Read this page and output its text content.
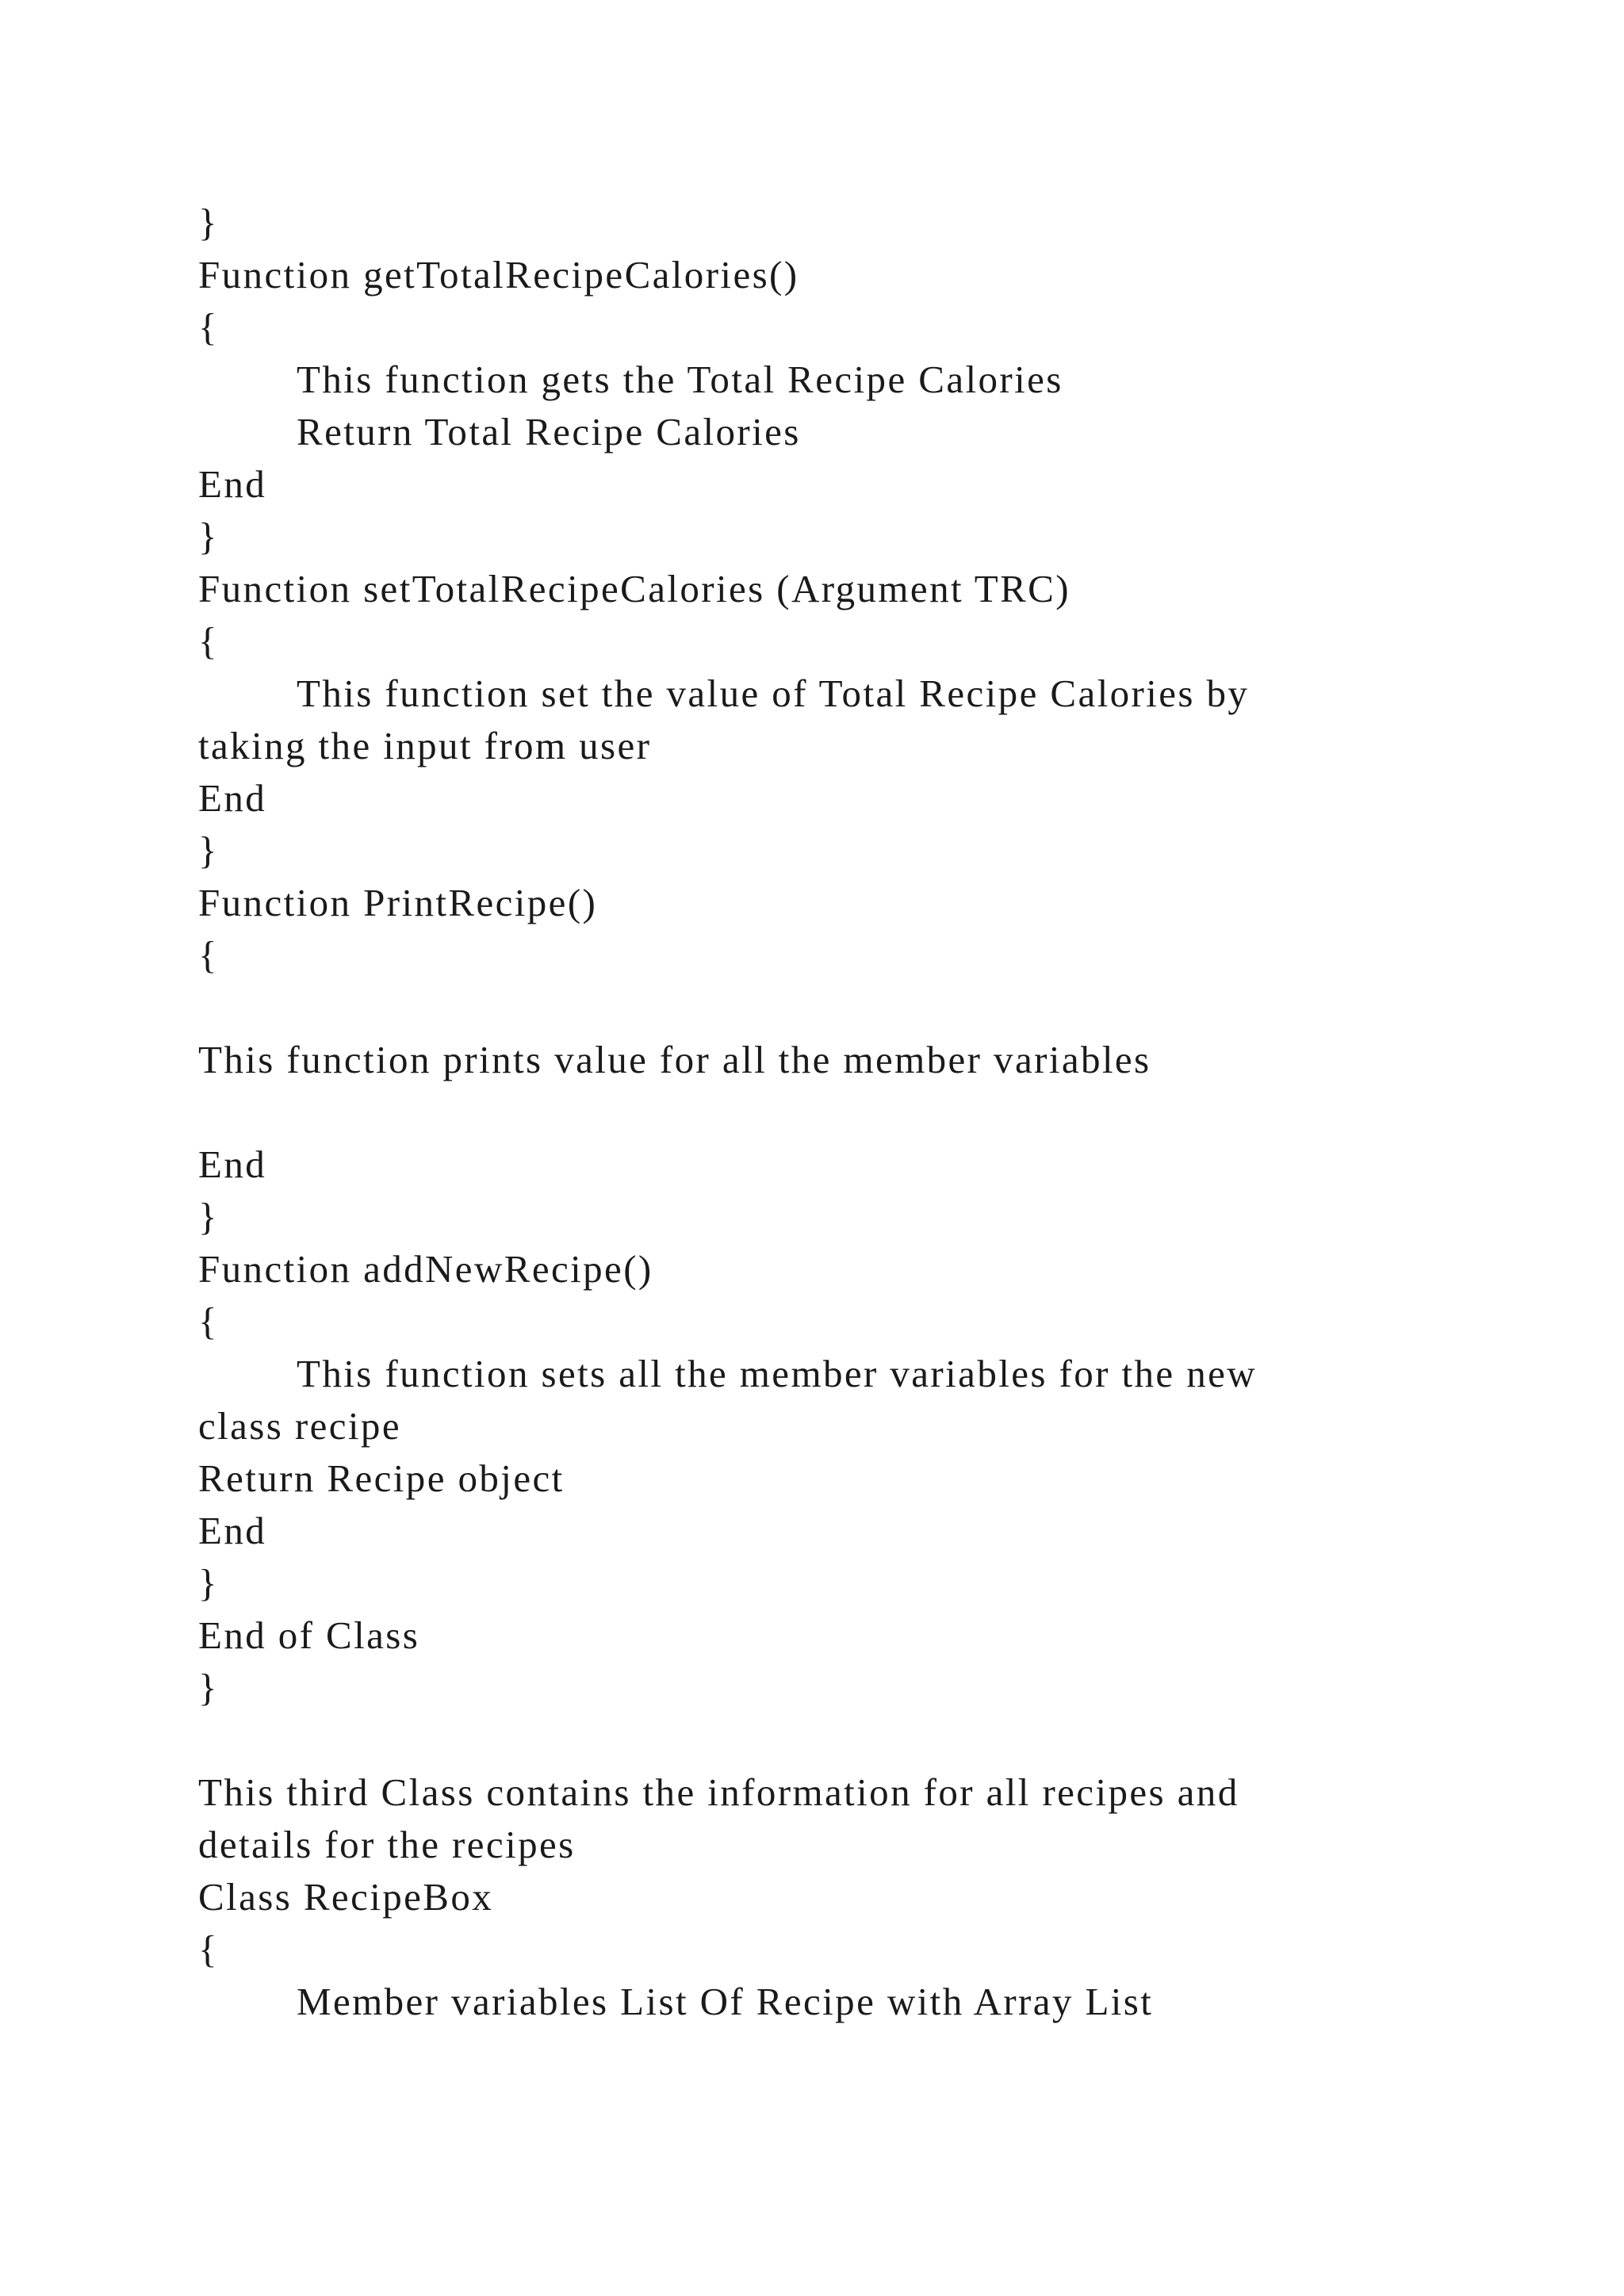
}
Function getTotalRecipeCalories()
{
This function gets the Total Recipe Calories
Return Total Recipe Calories
End
}
Function setTotalRecipeCalories (Argument TRC)
{
This function set the value of Total Recipe Calories by
taking the input from user
End
}
Function PrintRecipe()
{
This function prints value for all the member variables
End
}
Function addNewRecipe()
{
This function sets all the member variables for the new
class recipe
Return Recipe object
End
}
End of Class
}
This third Class contains the information for all recipes and
details for the recipes
Class RecipeBox
{
Member variables List Of Recipe with Array List
